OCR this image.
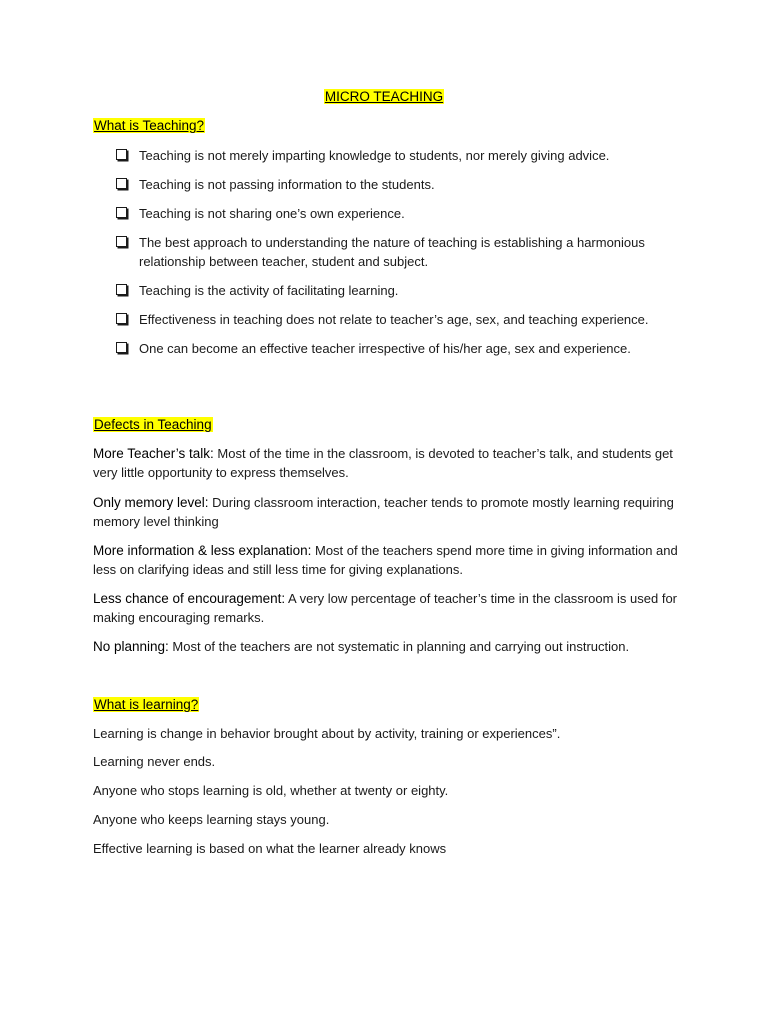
MICRO TEACHING
What is Teaching?
Teaching is not merely imparting knowledge to students, nor merely giving advice.
Teaching is not passing information to the students.
Teaching is not sharing one’s own experience.
The best approach to understanding the nature of teaching is establishing a harmonious relationship between teacher, student and subject.
Teaching is the activity of facilitating learning.
Effectiveness in teaching does not relate to teacher’s age, sex, and teaching experience.
One can become an effective teacher irrespective of his/her age, sex and experience.
Defects in Teaching
More Teacher’s talk: Most of the time in the classroom, is devoted to teacher’s talk, and students get very little opportunity to express themselves.
Only memory level: During classroom interaction, teacher tends to promote mostly learning requiring memory level thinking
More information & less explanation: Most of the teachers spend more time in giving information and less on clarifying ideas and still less time for giving explanations.
Less chance of encouragement: A very low percentage of teacher’s time in the classroom is used for making encouraging remarks.
No planning: Most of the teachers are not systematic in planning and carrying out instruction.
What is learning?
Learning is change in behavior brought about by activity, training or experiences”.
Learning never ends.
Anyone who stops learning is old, whether at twenty or eighty.
Anyone who keeps learning stays young.
Effective learning is based on what the learner already knows
